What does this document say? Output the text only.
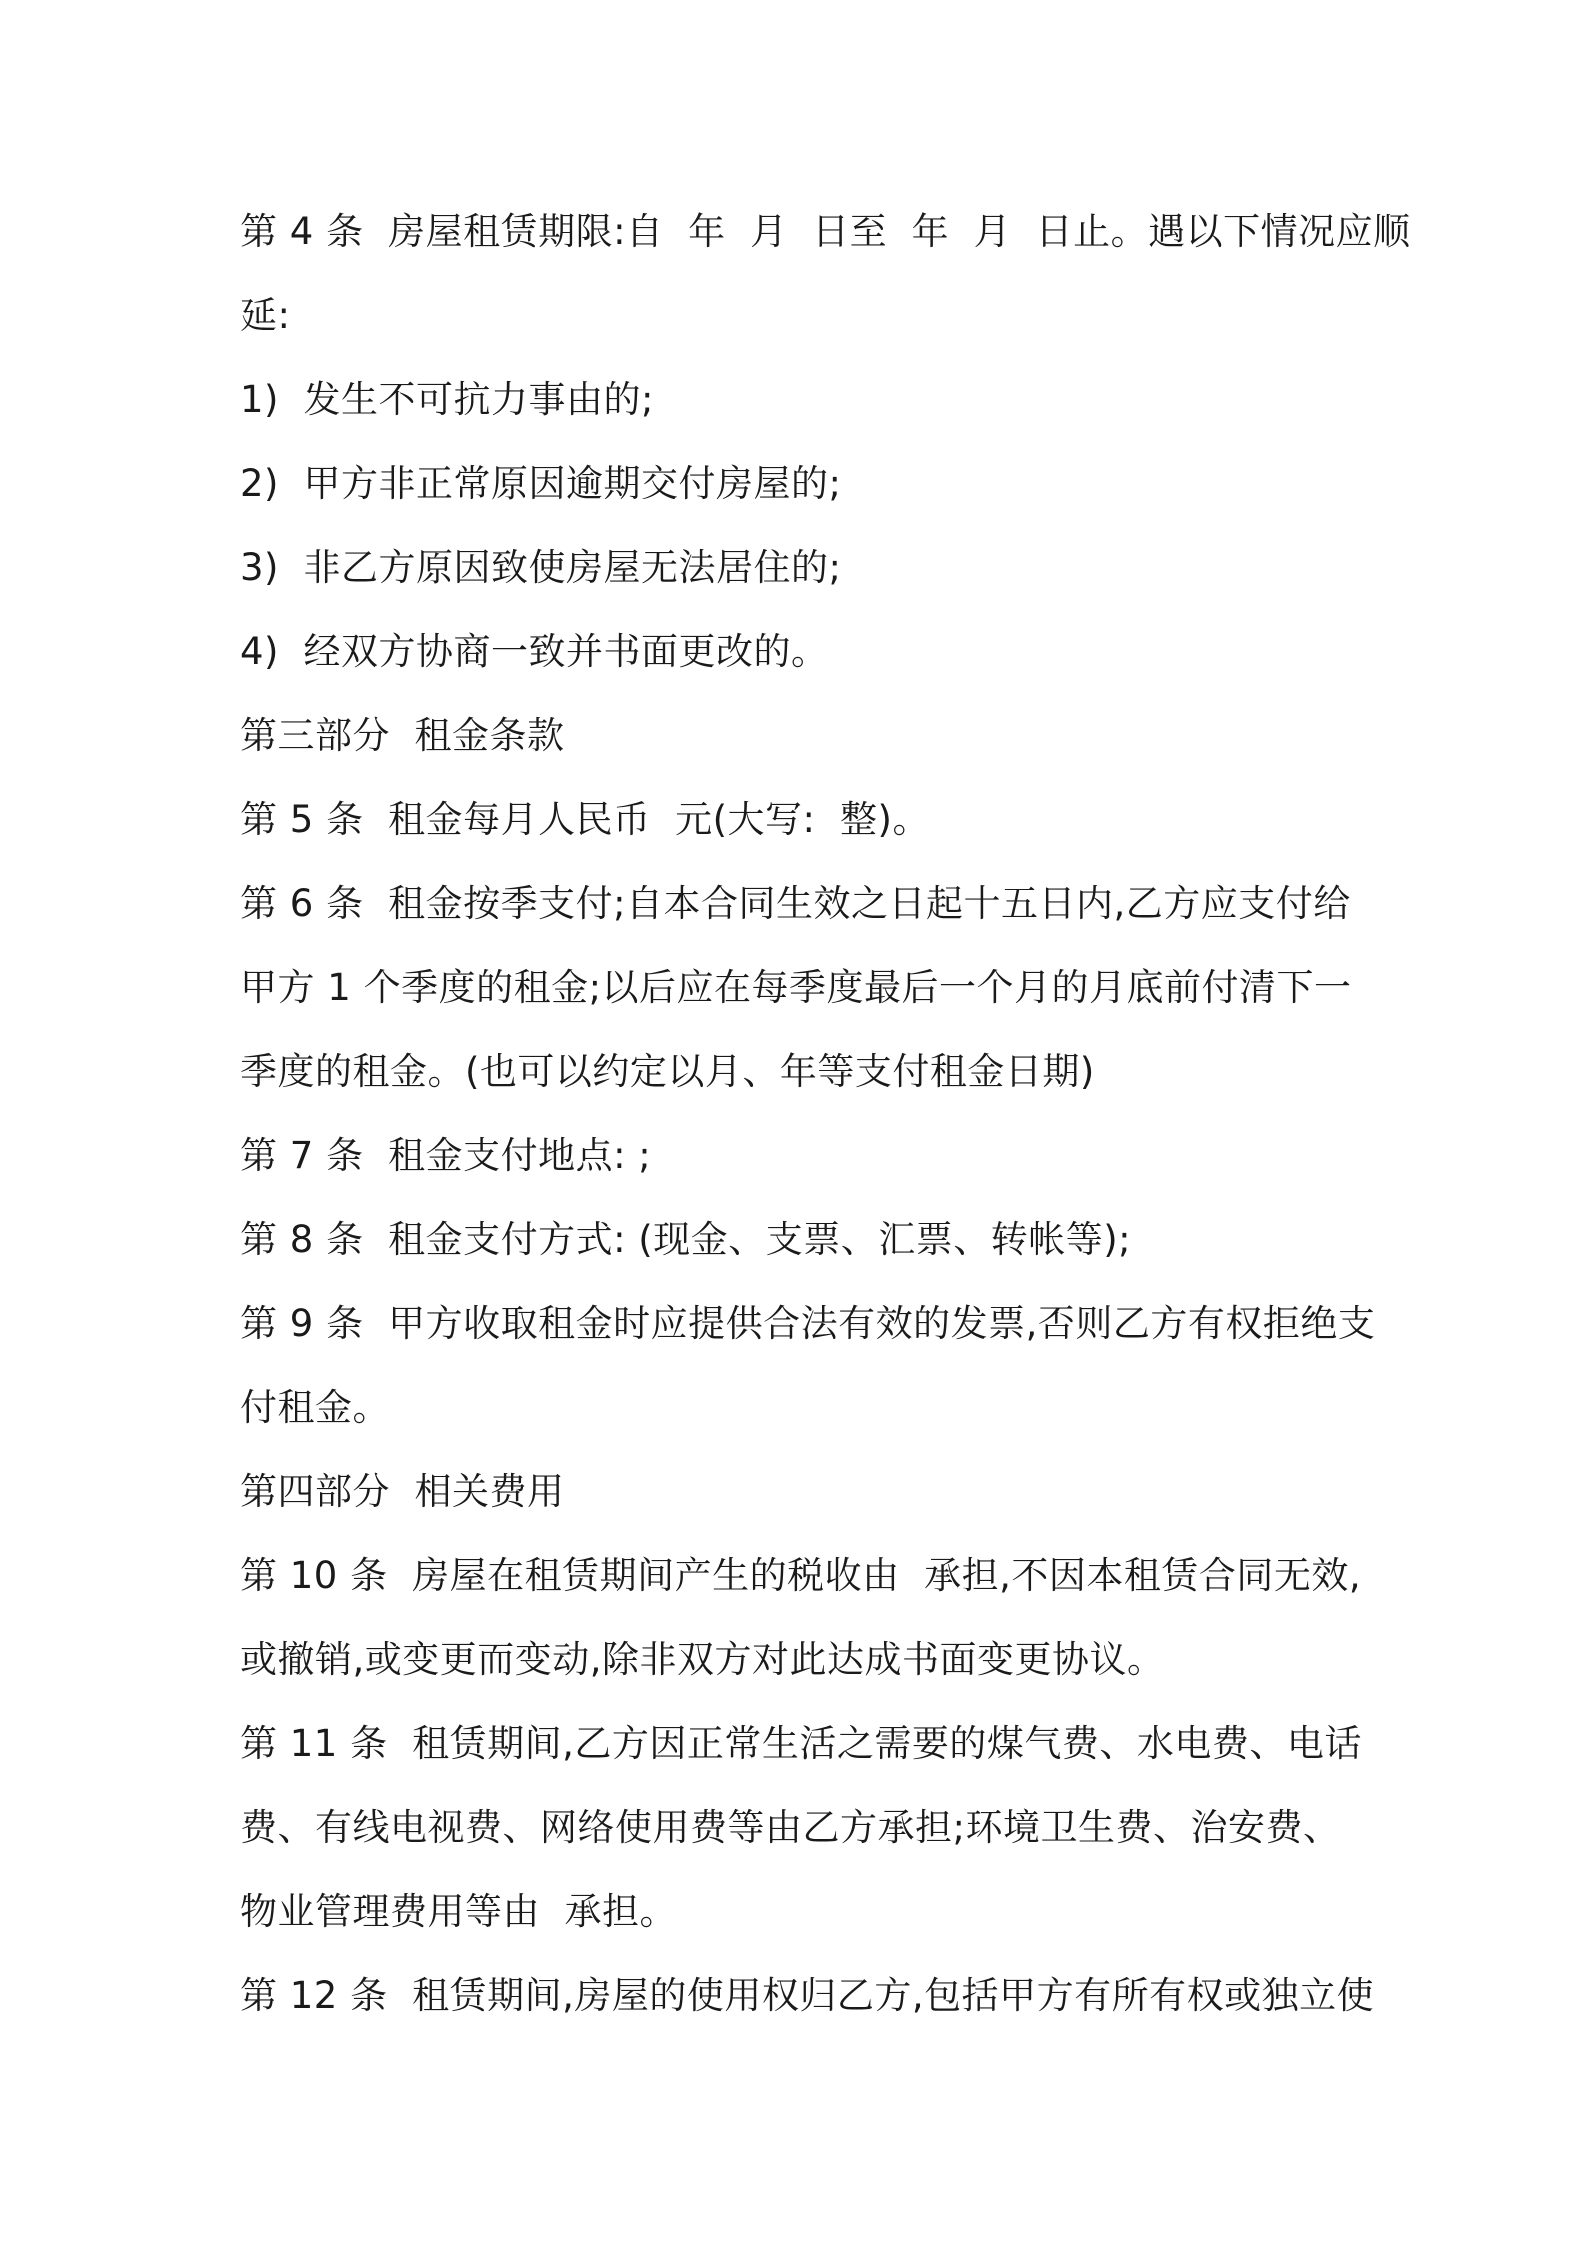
第 4 条  房屋租赁期限:自  年  月  日至  年  月  日止。遇以下情况应顺
延:
1)  发生不可抗力事由的;
2)  甲方非正常原因逾期交付房屋的;
3)  非乙方原因致使房屋无法居住的;
4)  经双方协商一致并书面更改的。
第三部分  租金条款
第 5 条  租金每月人民币  元(大写:  整)。
第 6 条  租金按季支付;自本合同生效之日起十五日内,乙方应支付给
甲方 1 个季度的租金;以后应在每季度最后一个月的月底前付清下一
季度的租金。(也可以约定以月、年等支付租金日期)
第 7 条  租金支付地点: ;
第 8 条  租金支付方式: (现金、支票、汇票、转帐等);
第 9 条  甲方收取租金时应提供合法有效的发票,否则乙方有权拒绝支
付租金。
第四部分  相关费用
第 10 条  房屋在租赁期间产生的税收由  承担,不因本租赁合同无效,
或撤销,或变更而变动,除非双方对此达成书面变更协议。
第 11 条  租赁期间,乙方因正常生活之需要的煤气费、水电费、电话
费、有线电视费、网络使用费等由乙方承担;环境卫生费、治安费、
物业管理费用等由  承担。
第 12 条  租赁期间,房屋的使用权归乙方,包括甲方有所有权或独立使
